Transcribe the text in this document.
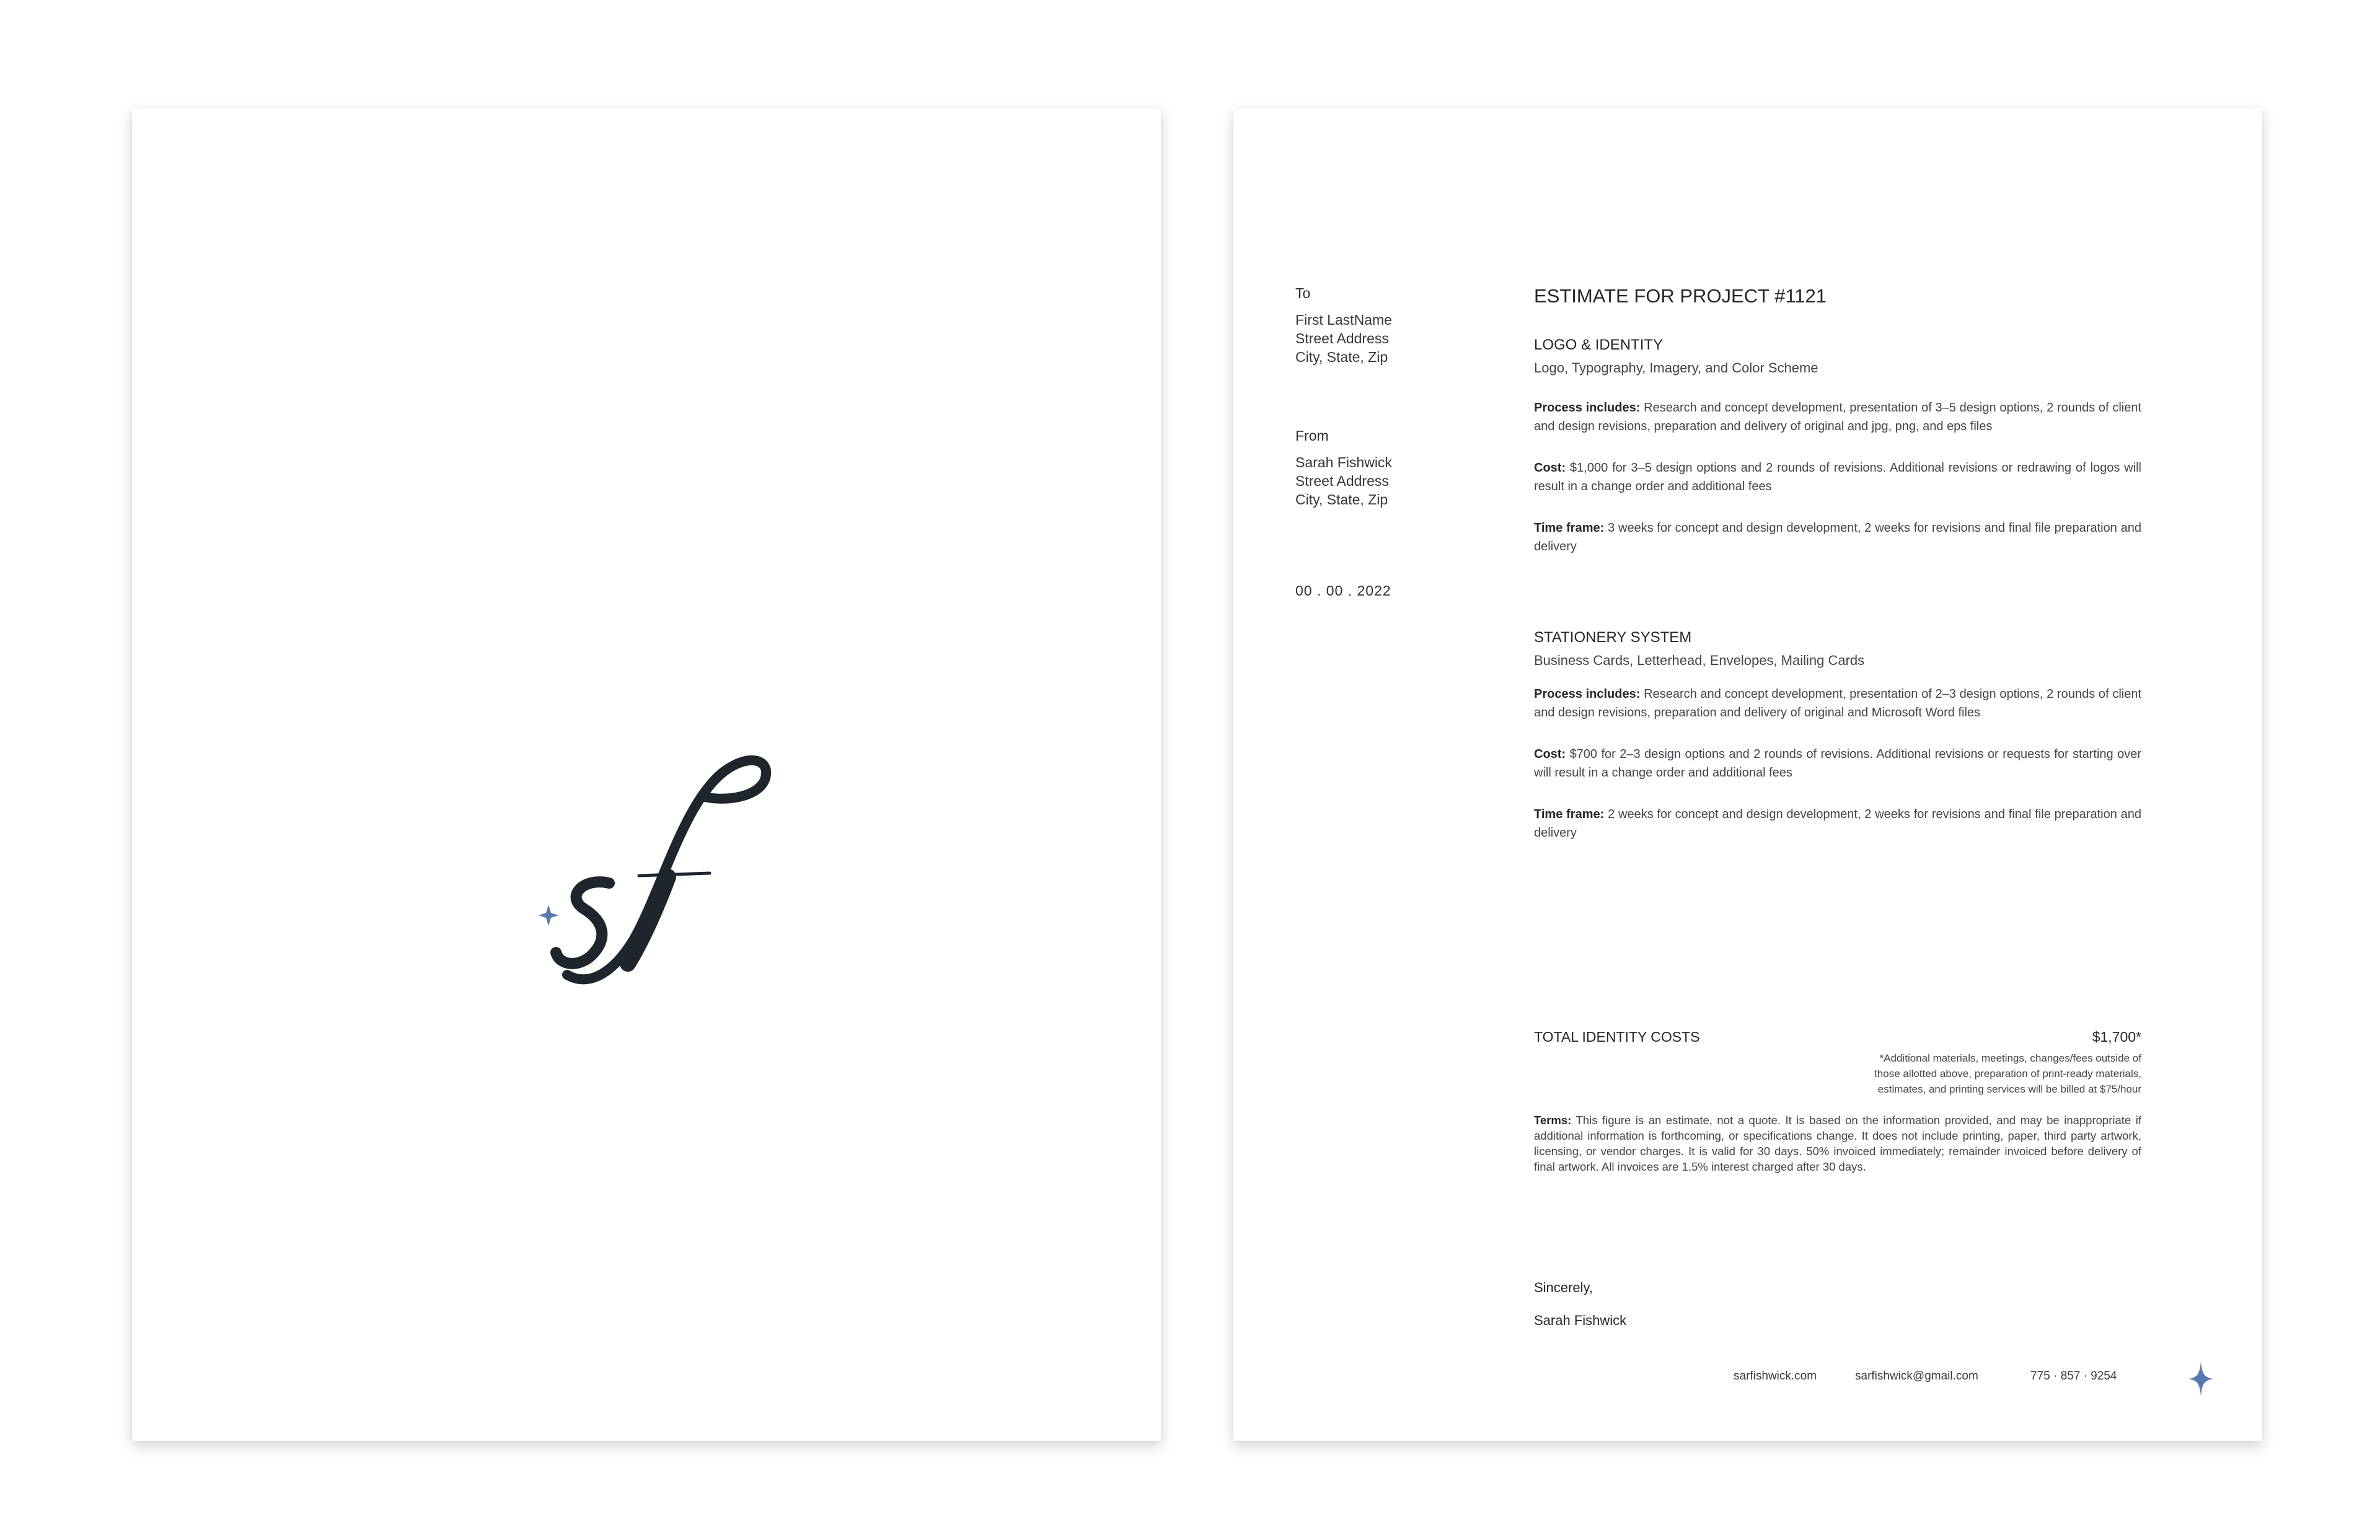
To
First LastName
Street Address
City, State, Zip
From
Sarah Fishwick
Street Address
City, State, Zip
00 . 00 . 2022
ESTIMATE FOR PROJECT #1121
LOGO & IDENTITY
Logo, Typography, Imagery, and Color Scheme
Process includes: Research and concept development, presentation of 3–5 design options, 2 rounds of client and design revisions, preparation and delivery of original and jpg, png, and eps files
Cost: $1,000 for 3–5 design options and 2 rounds of revisions. Additional revisions or redrawing of logos will result in a change order and additional fees
Time frame: 3 weeks for concept and design development, 2 weeks for revisions and final file preparation and delivery
STATIONERY SYSTEM
Business Cards, Letterhead, Envelopes, Mailing Cards
Process includes: Research and concept development, presentation of 2–3 design options, 2 rounds of client and design revisions, preparation and delivery of original and Microsoft Word files
Cost: $700 for 2–3 design options and 2 rounds of revisions. Additional revisions or requests for starting over will result in a change order and additional fees
Time frame: 2 weeks for concept and design development, 2 weeks for revisions and final file preparation and delivery
TOTAL IDENTITY COSTS	$1,700*
*Additional materials, meetings, changes/fees outside of
those allotted above, preparation of print-ready materials,
estimates, and printing services will be billed at $75/hour
Terms: This figure is an estimate, not a quote. It is based on the information provided, and may be inappropriate if additional information is forthcoming, or specifications change. It does not include printing, paper, third party artwork, licensing, or vendor charges. It is valid for 30 days. 50% invoiced immediately; remainder invoiced before delivery of final artwork. All invoices are 1.5% interest charged after 30 days.
Sincerely,
Sarah Fishwick
sarfishwick.com	sarfishwick@gmail.com	775 · 857 · 9254
